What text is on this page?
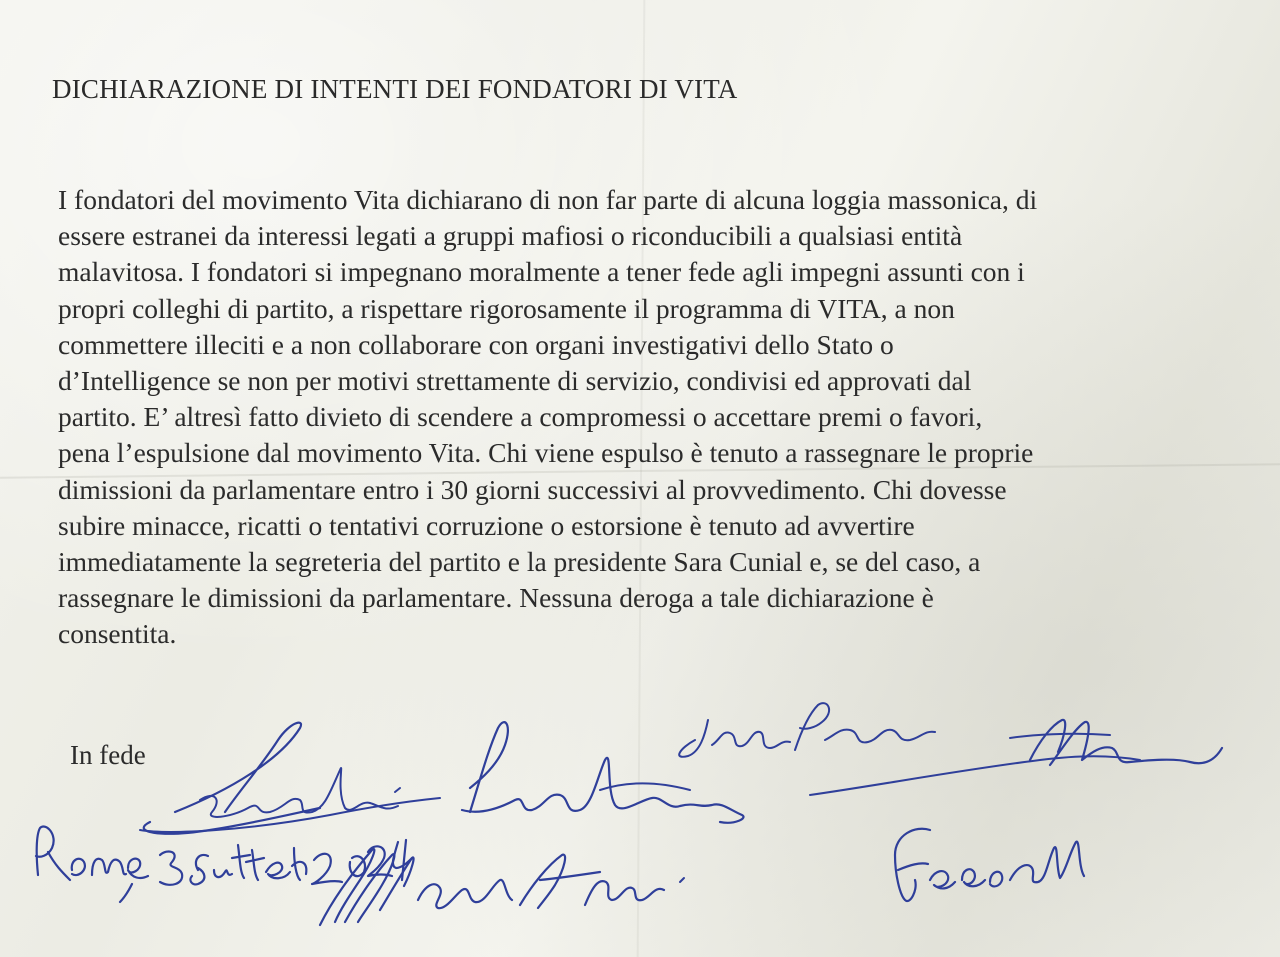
DICHIARAZIONE DI INTENTI DEI FONDATORI DI VITA
I fondatori del movimento Vita dichiarano di non far parte di alcuna loggia massonica, di
essere estranei da interessi legati a gruppi mafiosi o riconducibili a qualsiasi entità
malavitosa. I fondatori si impegnano moralmente a tener fede agli impegni assunti con i
propri colleghi di partito, a rispettare rigorosamente il programma di VITA, a non
commettere illeciti e a non collaborare con organi investigativi dello Stato o
d’Intelligence se non per motivi strettamente di servizio, condivisi ed approvati dal
partito. E’ altresì fatto divieto di scendere a compromessi o accettare premi o favori,
pena l’espulsione dal movimento Vita. Chi viene espulso è tenuto a rassegnare le proprie
dimissioni da parlamentare entro i 30 giorni successivi al provvedimento. Chi dovesse
subire minacce, ricatti o tentativi corruzione o estorsione è tenuto ad avvertire
immediatamente la segreteria del partito e la presidente Sara Cunial e, se del caso, a
rassegnare le dimissioni da parlamentare. Nessuna deroga a tale dichiarazione è
consentita.
In fede
